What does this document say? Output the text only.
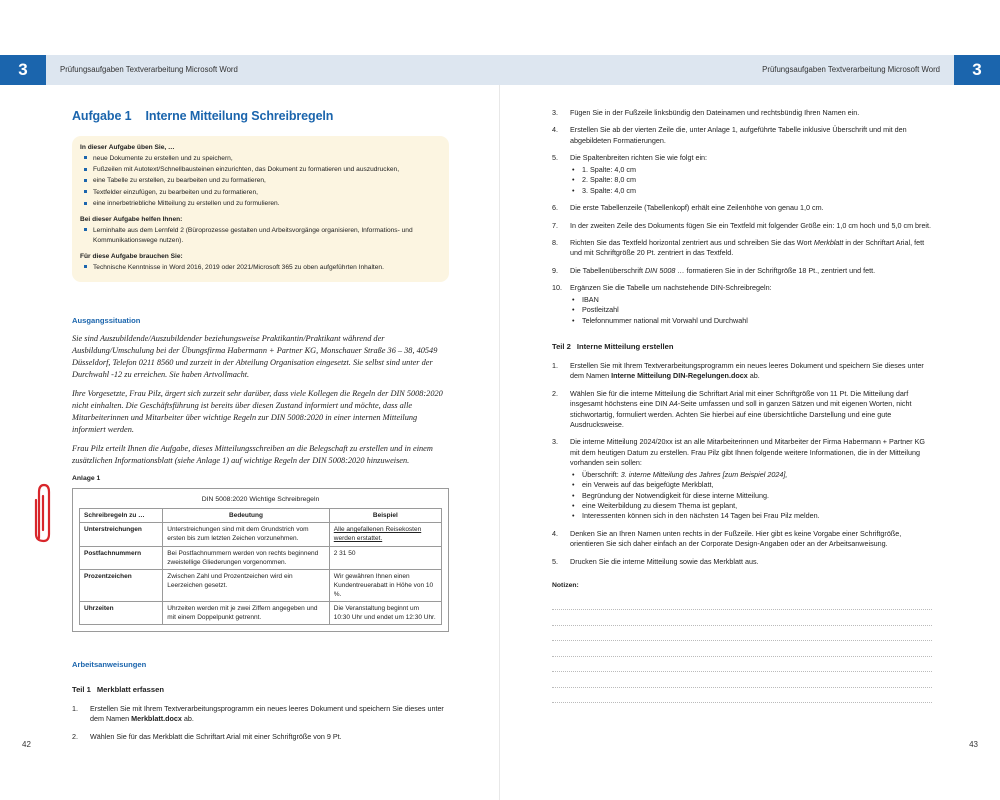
3	Prüfungsaufgaben Textverarbeitung Microsoft Word	Prüfungsaufgaben Textverarbeitung Microsoft Word	3
Aufgabe 1 Interne Mitteilung Schreibregeln
In dieser Aufgabe üben Sie, …
neue Dokumente zu erstellen und zu speichern,
Fußzeilen mit Autotext/Schnellbausteinen einzurichten, das Dokument zu formatieren und auszudrucken,
eine Tabelle zu erstellen, zu bearbeiten und zu formatieren,
Textfelder einzufügen, zu bearbeiten und zu formatieren,
eine innerbetriebliche Mitteilung zu erstellen und zu formulieren.
Bei dieser Aufgabe helfen Ihnen:
Lerninhalte aus dem Lernfeld 2 (Büroprozesse gestalten und Arbeitsvorgänge organisieren, Informations- und Kommunikationswege nutzen).
Für diese Aufgabe brauchen Sie:
Technische Kenntnisse in Word 2016, 2019 oder 2021/Microsoft 365 zu oben aufgeführten Inhalten.
Ausgangssituation

Sie sind Auszubildende/Auszubildender beziehungsweise Praktikantin/Praktikant während der Ausbildung/Umschulung bei der Übungsfirma Habermann + Partner KG, Monschauer Straße 36 – 38, 40549 Düsseldorf, Telefon 0211 8560 und zurzeit in der Abteilung Organisation eingesetzt. Sie selbst sind unter der Durchwahl -12 zu erreichen. Sie haben Artvollmacht.

Ihre Vorgesetzte, Frau Pilz, ärgert sich zurzeit sehr darüber, dass viele Kollegen die Regeln der DIN 5008:2020 nicht einhalten. Die Geschäftsführung ist bereits über diesen Zustand informiert und möchte, dass alle Mitarbeiterinnen und Mitarbeiter über wichtige Regeln zur DIN 5008:2020 in einer internen Mitteilung informiert werden.

Frau Pilz erteilt Ihnen die Aufgabe, dieses Mitteilungsschreiben an die Belegschaft zu erstellen und in einem zusätzlichen Informationsblatt (siehe Anlage 1) auf wichtige Regeln der DIN 5008:2020 hinzuweisen.

Anlage 1
DIN 5008:2020 Wichtige Schreibregeln
Schreibregeln zu …	Bedeutung	Beispiel
Unterstreichungen	Unterstreichungen sind mit dem Grundstrich vom ersten bis zum letzten Zeichen vorzunehmen.	Alle angefallenen Reisekosten werden erstattet.
Postfachnummern	Bei Postfachnummern werden von rechts beginnend zweistellige Gliederungen vorgenommen.	2 31 50
Prozentzeichen	Zwischen Zahl und Prozentzeichen wird ein Leerzeichen gesetzt.	Wir gewähren Ihnen einen Kundentreuerabatt in Höhe von 10 %.
Uhrzeiten	Uhrzeiten werden mit je zwei Ziffern angegeben und mit einem Doppelpunkt getrennt.	Die Veranstaltung beginnt um 10:30 Uhr und endet um 12:30 Uhr.
Arbeitsanweisungen
Teil 1 Merkblatt erfassen
1. Erstellen Sie mit Ihrem Textverarbeitungsprogramm ein neues leeres Dokument und speichern Sie dieses unter dem Namen Merkblatt.docx ab.
2. Wählen Sie für das Merkblatt die Schriftart Arial mit einer Schriftgröße von 9 Pt.
42
3. Fügen Sie in der Fußzeile linksbündig den Dateinamen und rechtsbündig Ihren Namen ein.
4. Erstellen Sie ab der vierten Zeile die, unter Anlage 1, aufgeführte Tabelle inklusive Überschrift und mit den abgebildeten Formatierungen.
5. Die Spaltenbreiten richten Sie wie folgt ein:
• 1. Spalte: 4,0 cm
• 2. Spalte: 8,0 cm
• 3. Spalte: 4,0 cm
6. Die erste Tabellenzeile (Tabellenkopf) erhält eine Zeilenhöhe von genau 1,0 cm.
7. In der zweiten Zeile des Dokuments fügen Sie ein Textfeld mit folgender Größe ein: 1,0 cm hoch und 5,0 cm breit.
8. Richten Sie das Textfeld horizontal zentriert aus und schreiben Sie das Wort Merkblatt in der Schriftart Arial, fett und mit Schriftgröße 20 Pt. zentriert in das Textfeld.
9. Die Tabellenüberschrift DIN 5008 … formatieren Sie in der Schriftgröße 18 Pt., zentriert und fett.
10. Ergänzen Sie die Tabelle um nachstehende DIN-Schreibregeln:
• IBAN
• Postleitzahl
• Telefonnummer national mit Vorwahl und Durchwahl
Teil 2 Interne Mitteilung erstellen
1. Erstellen Sie mit Ihrem Textverarbeitungsprogramm ein neues leeres Dokument und speichern Sie dieses unter dem Namen Interne Mitteilung DIN-Regelungen.docx ab.
2. Wählen Sie für die interne Mitteilung die Schriftart Arial mit einer Schriftgröße von 11 Pt. Die Mitteilung darf insgesamt höchstens eine DIN A4-Seite umfassen und soll in ganzen Sätzen und mit eigenen Worten, nicht stichwortartig, formuliert werden. Achten Sie hierbei auf eine übersichtliche Darstellung und eine gute Ausdrucksweise.
3. Die interne Mitteilung 2024/20xx ist an alle Mitarbeiterinnen und Mitarbeiter der Firma Habermann + Partner KG mit dem heutigen Datum zu erstellen. Frau Pilz gibt Ihnen folgende weitere Informationen, die in der Mitteilung vorhanden sein sollen:
• Überschrift: 3. interne Mitteilung des Jahres [zum Beispiel 2024],
• ein Verweis auf das beigefügte Merkblatt,
• Begründung der Notwendigkeit für diese interne Mitteilung.
• eine Weiterbildung zu diesem Thema ist geplant,
• Interessenten können sich in den nächsten 14 Tagen bei Frau Pilz melden.
4. Denken Sie an Ihren Namen unten rechts in der Fußzeile. Hier gibt es keine Vorgabe einer Schriftgröße, orientieren Sie sich daher einfach an der Corporate Design-Angaben oder an der Arbeitsanweisung.
5. Drucken Sie die interne Mitteilung sowie das Merkblatt aus.
Notizen:
43
